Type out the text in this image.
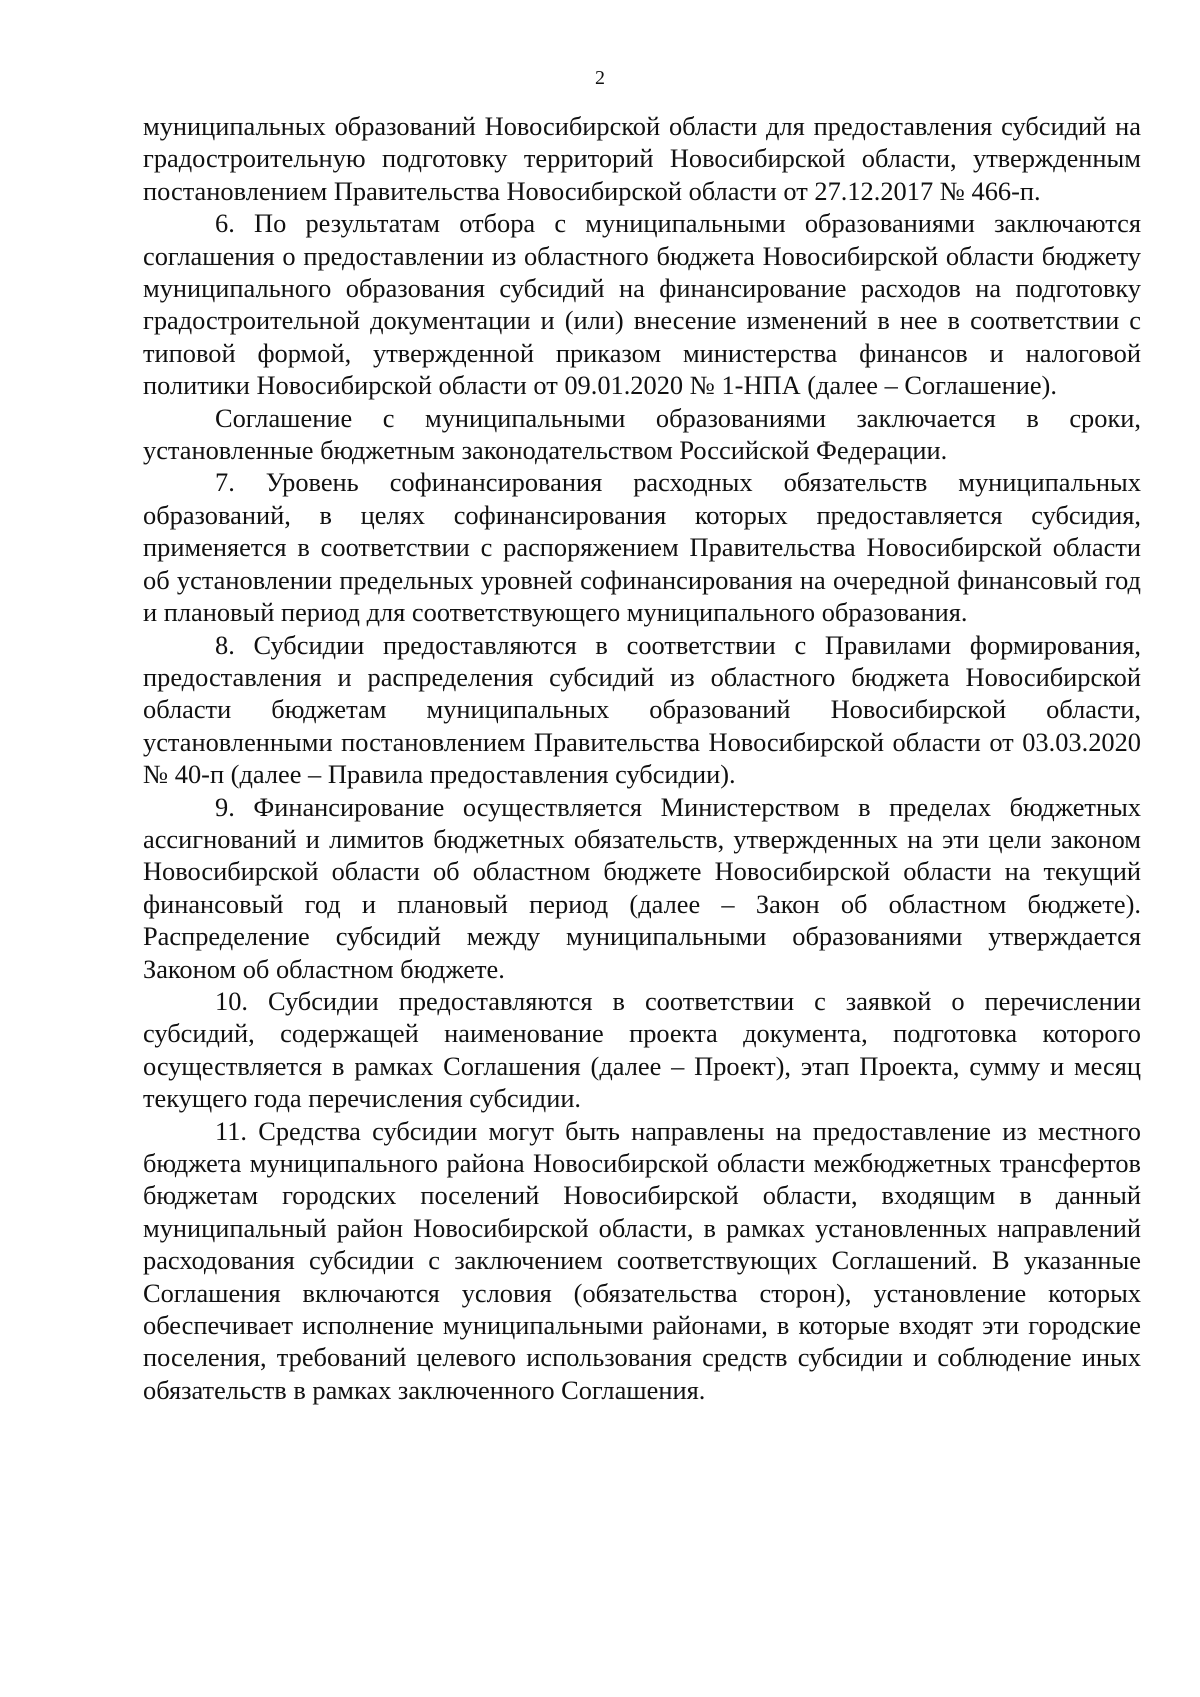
2

муниципальных образований Новосибирской области для предоставления субсидий на градостроительную подготовку территорий Новосибирской области, утвержденным постановлением Правительства Новосибирской области от 27.12.2017 № 466-п.

6. По результатам отбора с муниципальными образованиями заключаются соглашения о предоставлении из областного бюджета Новосибирской области бюджету муниципального образования субсидий на финансирование расходов на подготовку градостроительной документации и (или) внесение изменений в нее в соответствии с типовой формой, утвержденной приказом министерства финансов и налоговой политики Новосибирской области от 09.01.2020 № 1-НПА (далее – Соглашение).

Соглашение с муниципальными образованиями заключается в сроки, установленные бюджетным законодательством Российской Федерации.

7. Уровень софинансирования расходных обязательств муниципальных образований, в целях софинансирования которых предоставляется субсидия, применяется в соответствии с распоряжением Правительства Новосибирской области об установлении предельных уровней софинансирования на очередной финансовый год и плановый период для соответствующего муниципального образования.

8. Субсидии предоставляются в соответствии с Правилами формирования, предоставления и распределения субсидий из областного бюджета Новосибирской области бюджетам муниципальных образований Новосибирской области, установленными постановлением Правительства Новосибирской области от 03.03.2020 № 40-п (далее – Правила предоставления субсидии).

9. Финансирование осуществляется Министерством в пределах бюджетных ассигнований и лимитов бюджетных обязательств, утвержденных на эти цели законом Новосибирской области об областном бюджете Новосибирской области на текущий финансовый год и плановый период (далее – Закон об областном бюджете). Распределение субсидий между муниципальными образованиями утверждается Законом об областном бюджете.

10. Субсидии предоставляются в соответствии с заявкой о перечислении субсидий, содержащей наименование проекта документа, подготовка которого осуществляется в рамках Соглашения (далее – Проект), этап Проекта, сумму и месяц текущего года перечисления субсидии.

11. Средства субсидии могут быть направлены на предоставление из местного бюджета муниципального района Новосибирской области межбюджетных трансфертов бюджетам городских поселений Новосибирской области, входящим в данный муниципальный район Новосибирской области, в рамках установленных направлений расходования субсидии с заключением соответствующих Соглашений. В указанные Соглашения включаются условия (обязательства сторон), установление которых обеспечивает исполнение муниципальными районами, в которые входят эти городские поселения, требований целевого использования средств субсидии и соблюдение иных обязательств в рамках заключенного Соглашения.
